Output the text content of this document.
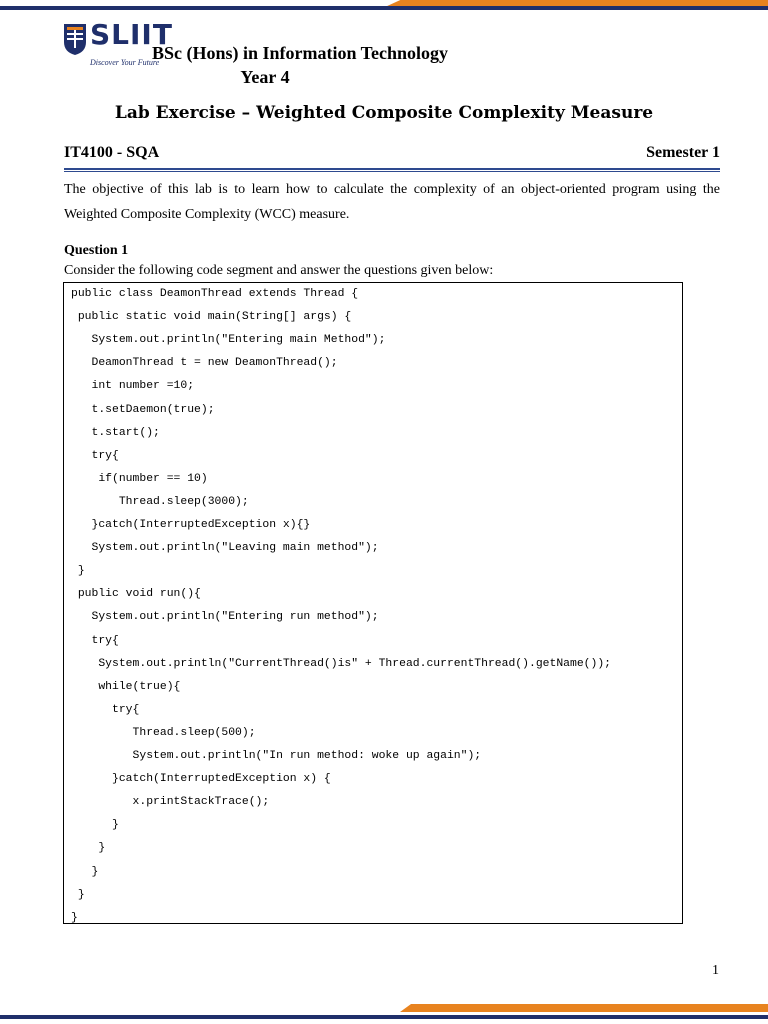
SLIIT
Discover Your Future
BSc (Hons) in Information Technology
Year 4
Lab Exercise – Weighted Composite Complexity Measure
IT4100 - SQA	Semester 1
The objective of this lab is to learn how to calculate the complexity of an object-oriented program using the Weighted Composite Complexity (WCC) measure.
Question 1
Consider the following code segment and answer the questions given below:
public class DeamonThread extends Thread {
public static void main(String[] args) {
System.out.println("Entering main Method");
DeamonThread t = new DeamonThread();
int number =10;
t.setDaemon(true);
t.start();
try{
if(number == 10)
Thread.sleep(3000);
}catch(InterruptedException x){}
System.out.println("Leaving main method");
}
public void run(){
System.out.println("Entering run method");
try{
System.out.println("CurrentThread()is" + Thread.currentThread().getName());
while(true){
try{
Thread.sleep(500);
System.out.println("In run method: woke up again");
}catch(InterruptedException x) {
x.printStackTrace();
}
}
}
}
}
1
